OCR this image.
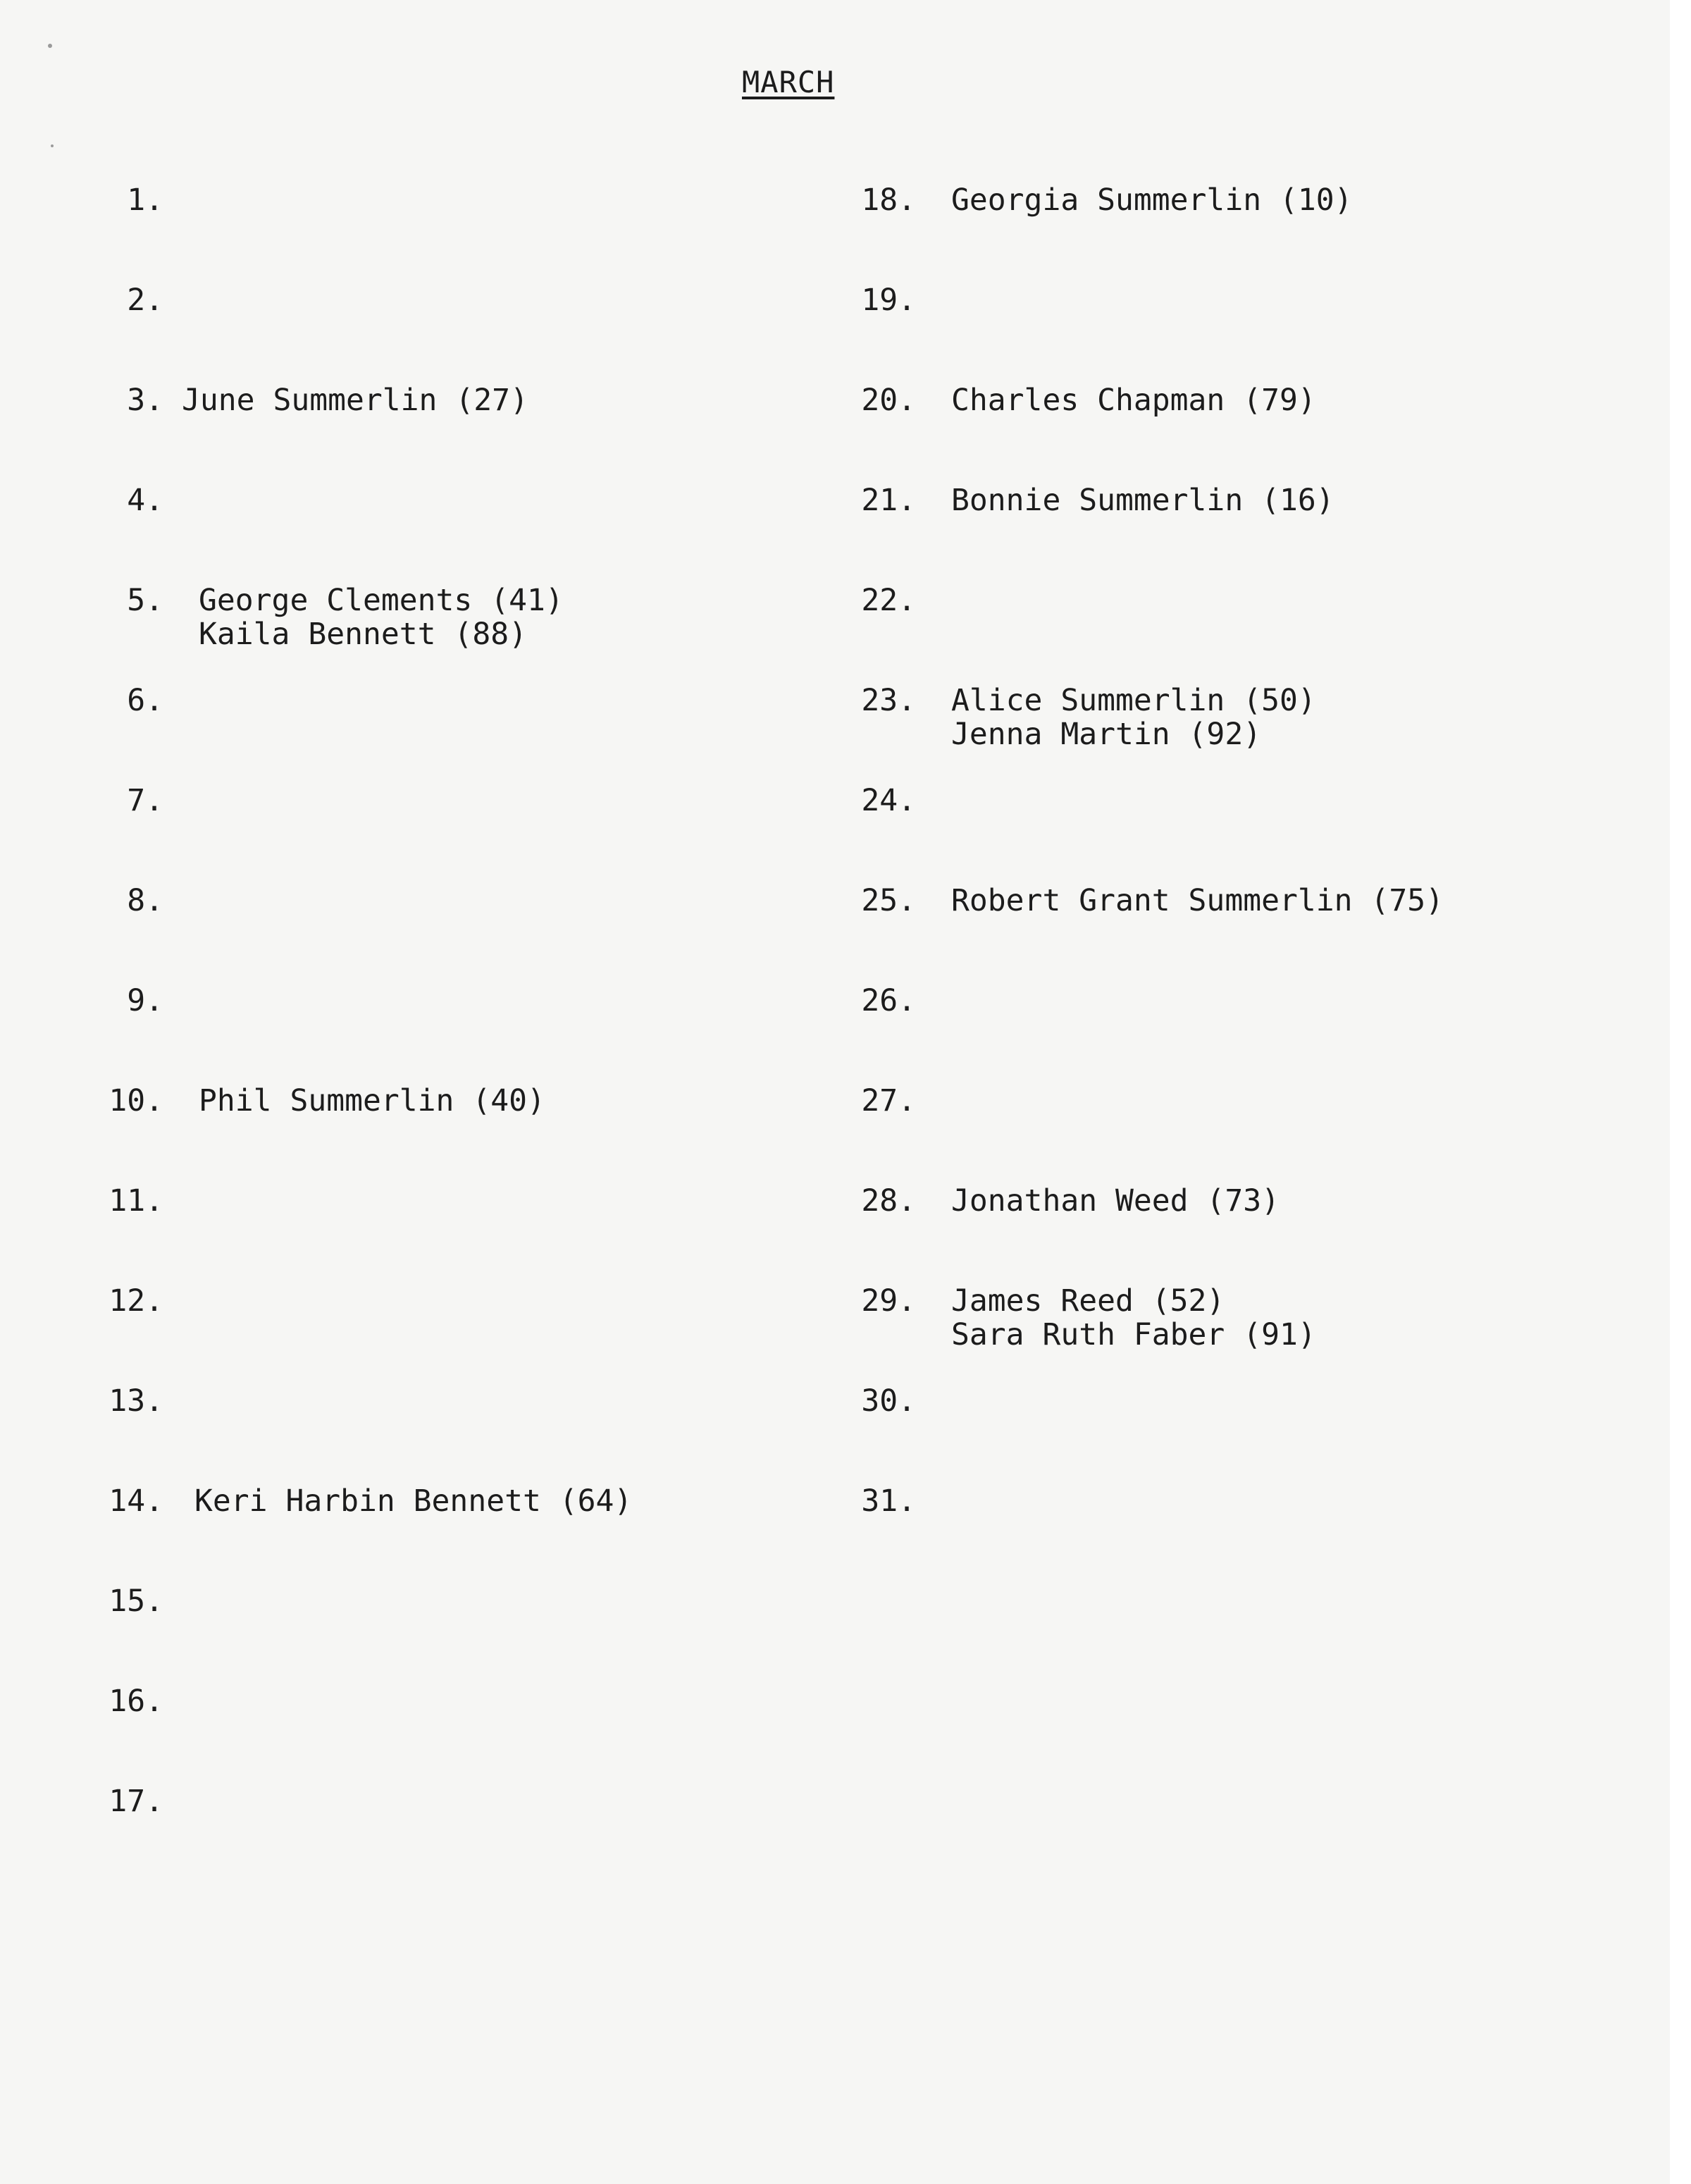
MARCH
1.
2.
3. June Summerlin (27)
4.
5. George Clements (41)
Kaila Bennett (88)
6.
7.
8.
9.
10. Phil Summerlin (40)
11.
12.
13.
14. Keri Harbin Bennett (64)
15.
16.
17.
18. Georgia Summerlin (10)
19.
20. Charles Chapman (79)
21. Bonnie Summerlin (16)
22.
23. Alice Summerlin (50)
Jenna Martin (92)
24.
25. Robert Grant Summerlin (75)
26.
27.
28. Jonathan Weed (73)
29. James Reed (52)
Sara Ruth Faber (91)
30.
31.
